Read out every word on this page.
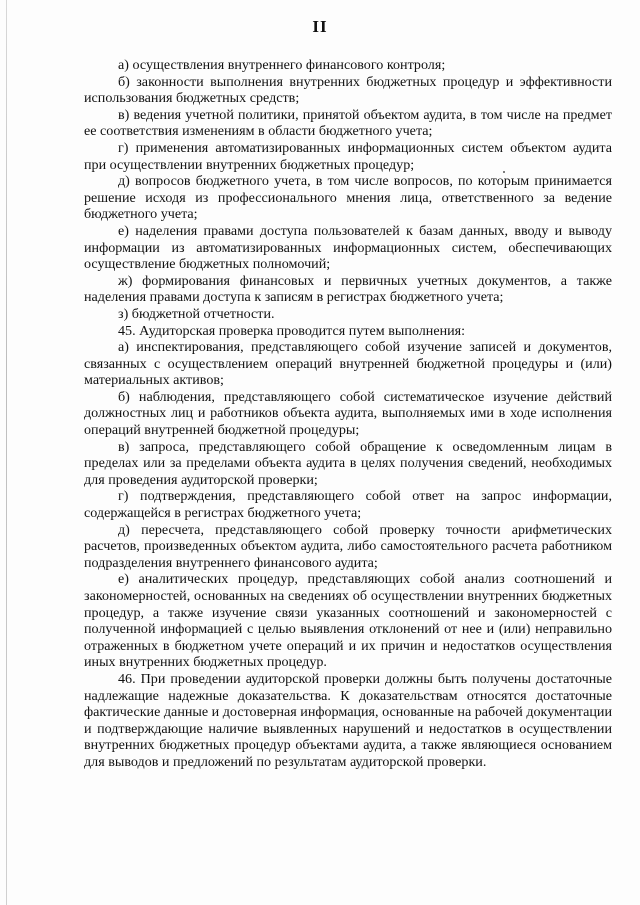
II

а) осуществления внутреннего финансового контроля;

б) законности выполнения внутренних бюджетных процедур и эффективности использования бюджетных средств;

в) ведения учетной политики, принятой объектом аудита, в том числе на предмет ее соответствия изменениям в области бюджетного учета;

г) применения автоматизированных информационных систем объектом аудита при осуществлении внутренних бюджетных процедур;

д) вопросов бюджетного учета, в том числе вопросов, по которым принимается решение исходя из профессионального мнения лица, ответственного за ведение бюджетного учета;

е) наделения правами доступа пользователей к базам данных, вводу и выводу информации из автоматизированных информационных систем, обеспечивающих осуществление бюджетных полномочий;

ж) формирования финансовых и первичных учетных документов, а также наделения правами доступа к записям в регистрах бюджетного учета;

з) бюджетной отчетности.

45. Аудиторская проверка проводится путем выполнения:

а) инспектирования, представляющего собой изучение записей и документов, связанных с осуществлением операций внутренней бюджетной процедуры и (или) материальных активов;

б) наблюдения, представляющего собой систематическое изучение действий должностных лиц и работников объекта аудита, выполняемых ими в ходе исполнения операций внутренней бюджетной процедуры;

в) запроса, представляющего собой обращение к осведомленным лицам в пределах или за пределами объекта аудита в целях получения сведений, необходимых для проведения аудиторской проверки;

г) подтверждения, представляющего собой ответ на запрос информации, содержащейся в регистрах бюджетного учета;

д) пересчета, представляющего собой проверку точности арифметических расчетов, произведенных объектом аудита, либо самостоятельного расчета работником подразделения внутреннего финансового аудита;

е) аналитических процедур, представляющих собой анализ соотношений и закономерностей, основанных на сведениях об осуществлении внутренних бюджетных процедур, а также изучение связи указанных соотношений и закономерностей с полученной информацией с целью выявления отклонений от нее и (или) неправильно отраженных в бюджетном учете операций и их причин и недостатков осуществления иных внутренних бюджетных процедур.

46. При проведении аудиторской проверки должны быть получены достаточные надлежащие надежные доказательства. К доказательствам относятся достаточные фактические данные и достоверная информация, основанные на рабочей документации и подтверждающие наличие выявленных нарушений и недостатков в осуществлении внутренних бюджетных процедур объектами аудита, а также являющиеся основанием для выводов и предложений по результатам аудиторской проверки.
